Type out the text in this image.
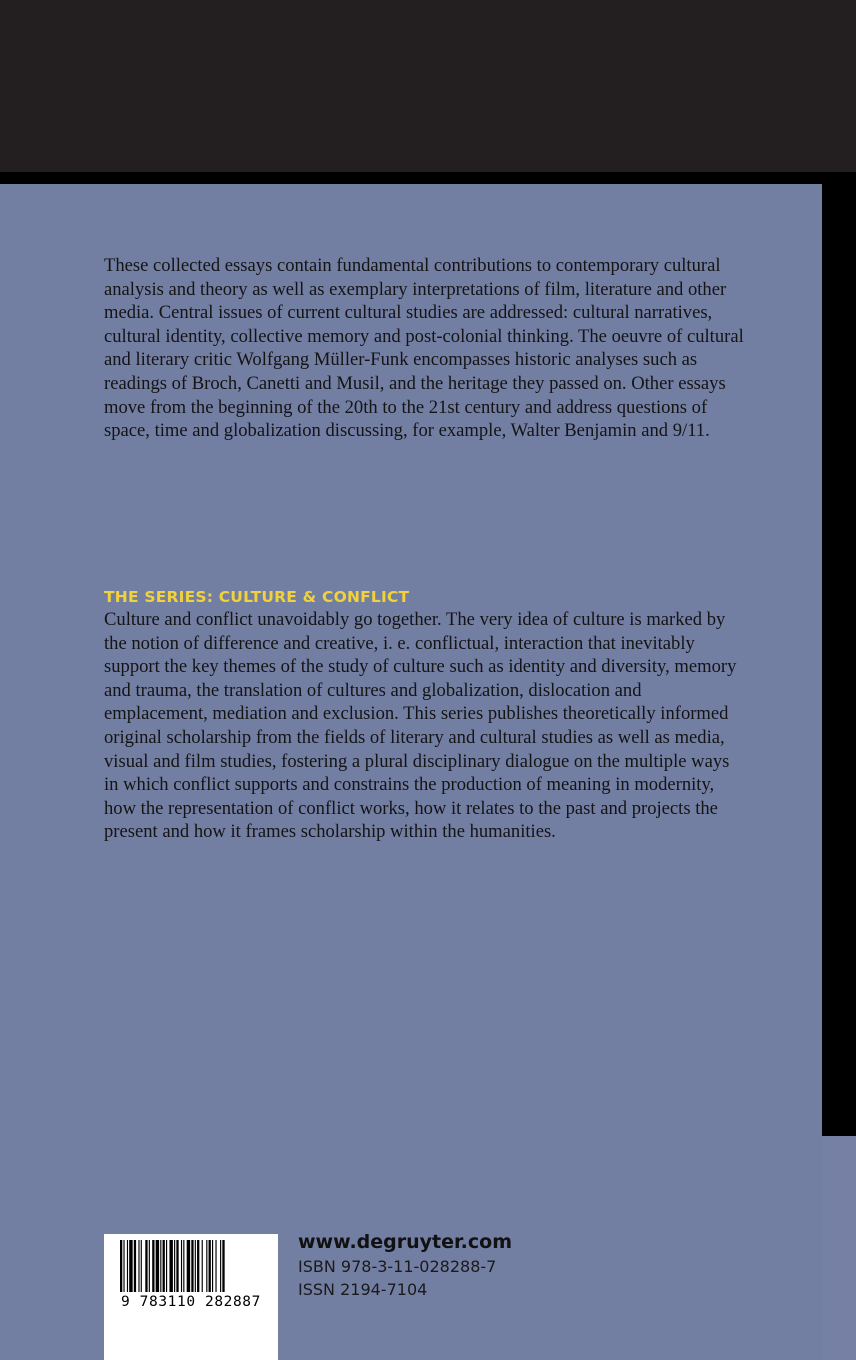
These collected essays contain fundamental contributions to contemporary cultural analysis and theory as well as exemplary interpretations of film, literature and other media. Central issues of current cultural studies are addressed: cultural narratives, cultural identity, collective memory and post-colonial thinking. The oeuvre of cultural and literary critic Wolfgang Müller-Funk encompasses historic analyses such as readings of Broch, Canetti and Musil, and the heritage they passed on. Other essays move from the beginning of the 20th to the 21st century and address questions of space, time and globalization discussing, for example, Walter Benjamin and 9/11.

THE SERIES: CULTURE & CONFLICT

Culture and conflict unavoidably go together. The very idea of culture is marked by the notion of difference and creative, i. e. conflictual, interaction that inevitably support the key themes of the study of culture such as identity and diversity, memory and trauma, the translation of cultures and globalization, dislocation and emplacement, mediation and exclusion. This series publishes theoretically informed original scholarship from the fields of literary and cultural studies as well as media, visual and film studies, fostering a plural disciplinary dialogue on the multiple ways in which conflict supports and constrains the production of meaning in modernity, how the representation of conflict works, how it relates to the past and projects the present and how it frames scholarship within the humanities.

9 783110 282887
www.degruyter.com
ISBN 978-3-11-028288-7
ISSN 2194-7104
